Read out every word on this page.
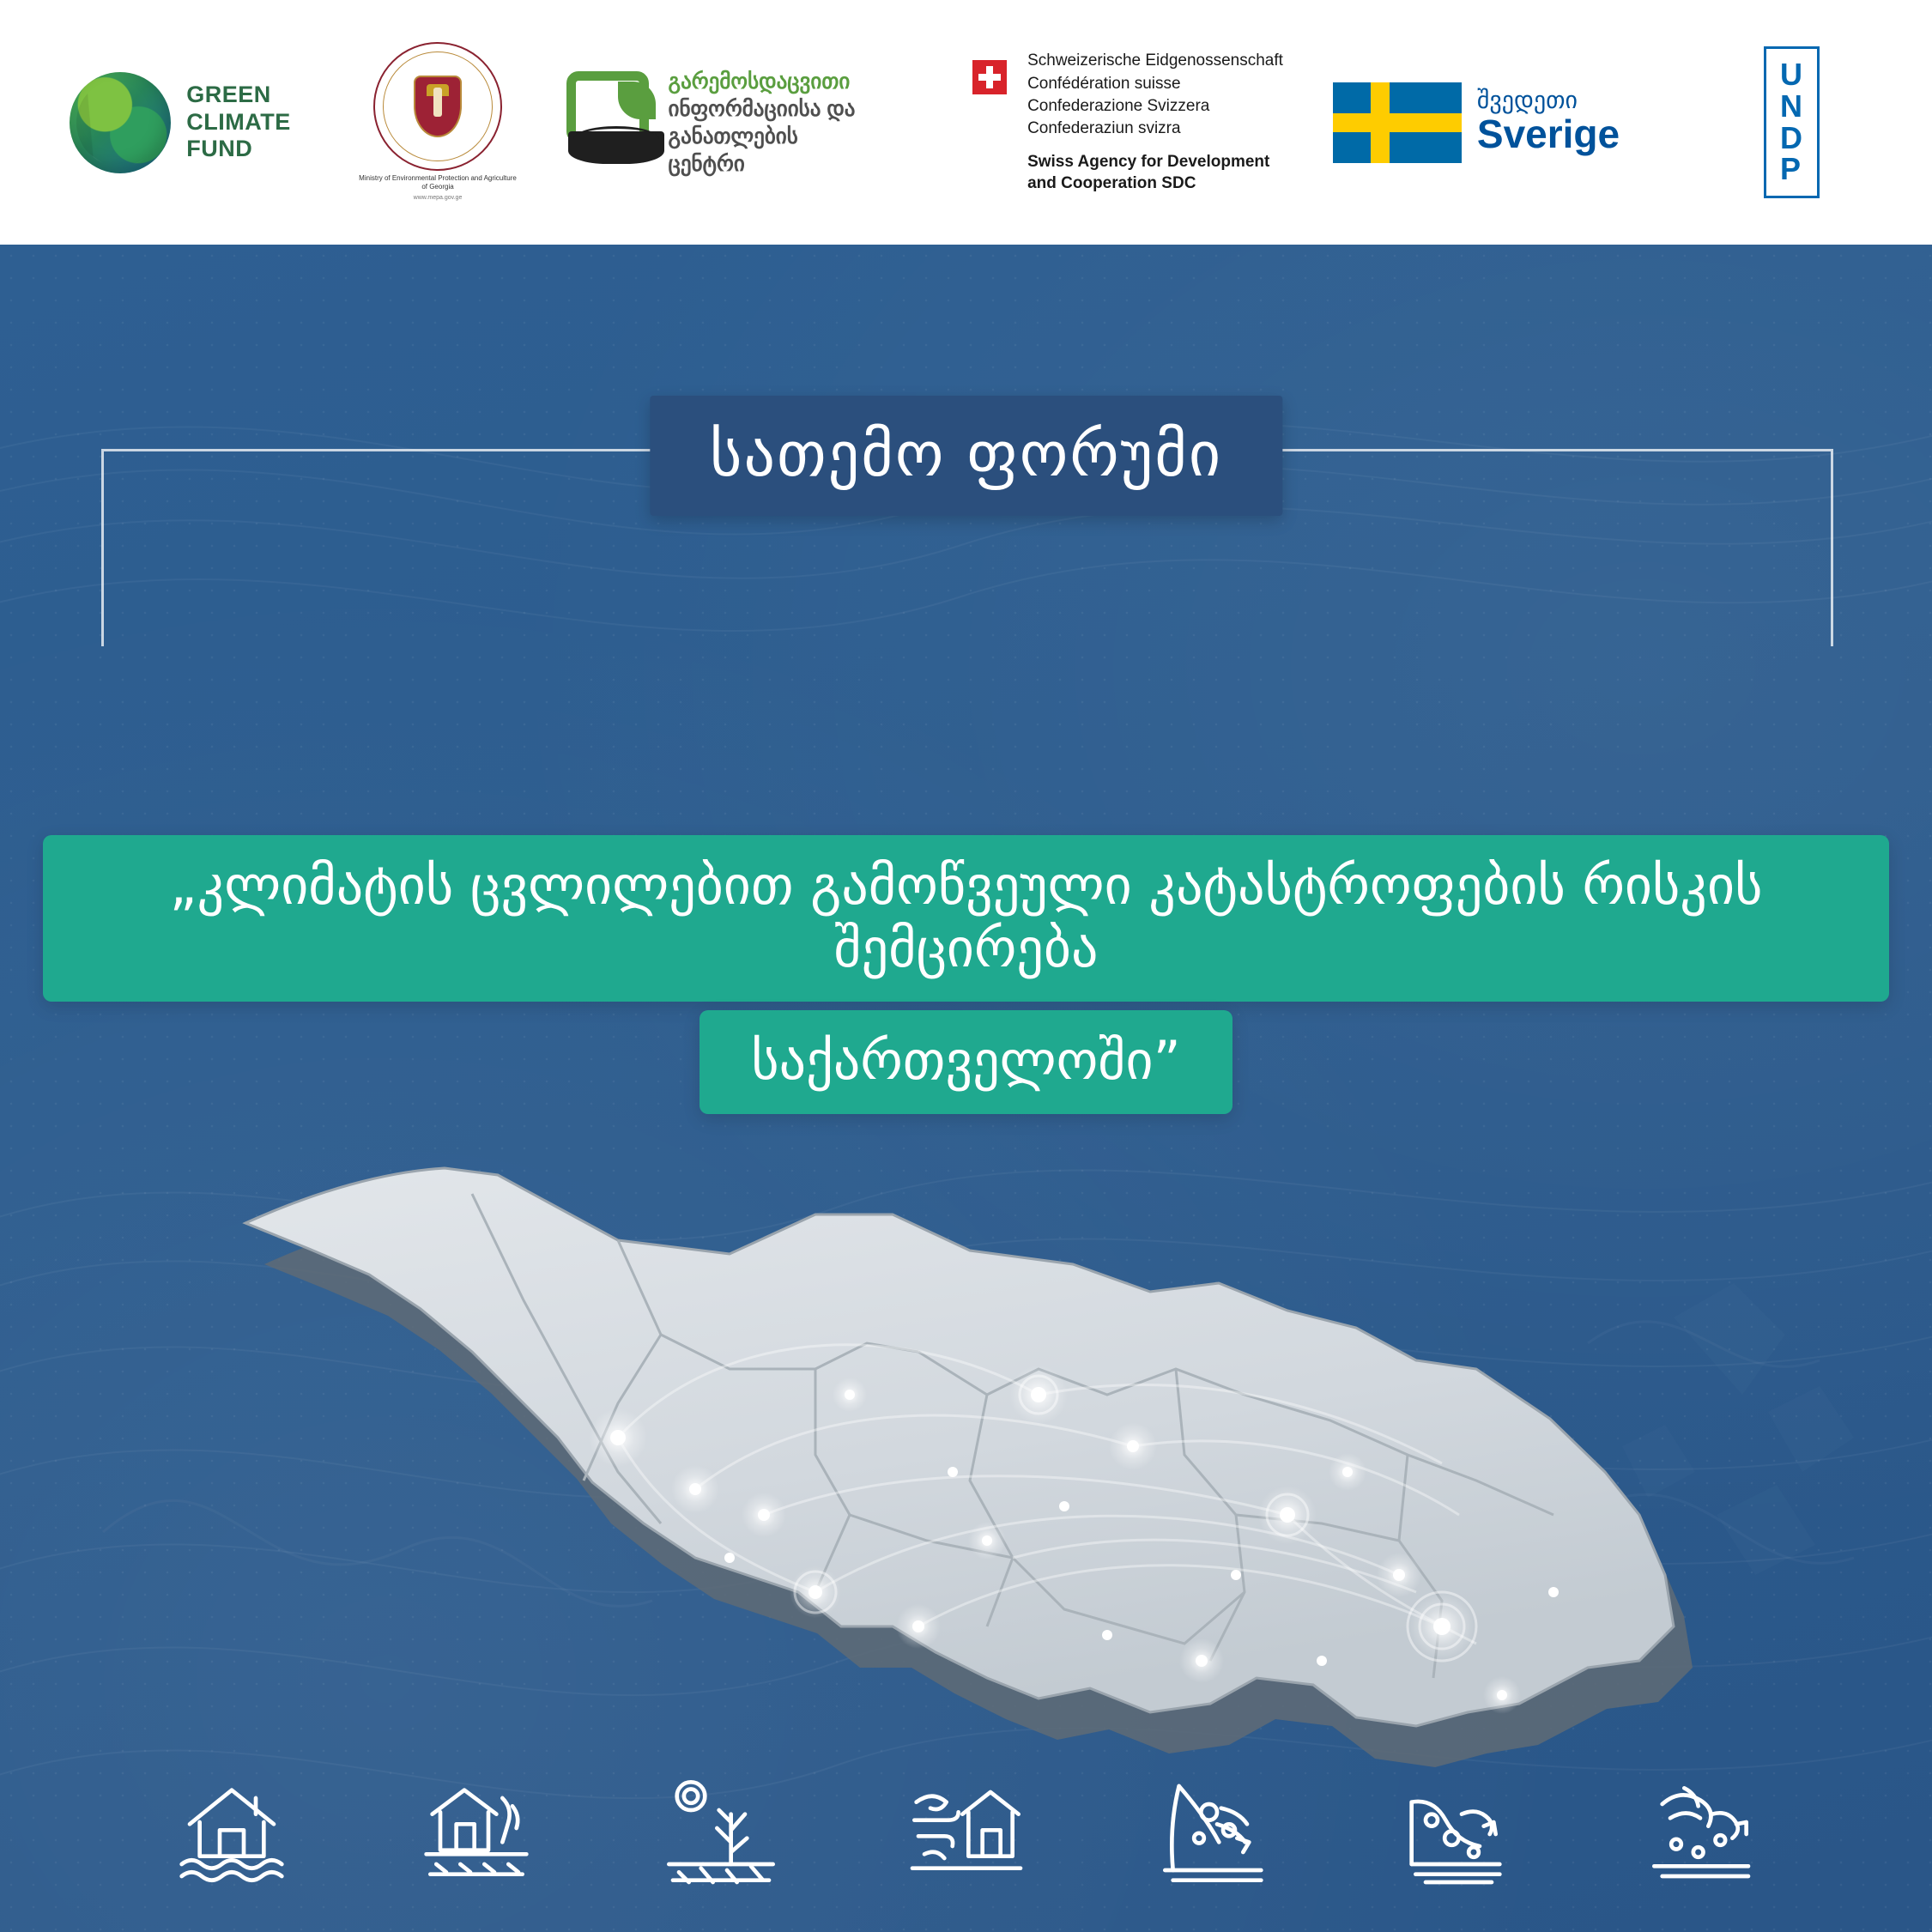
GREEN
CLIMATE
FUND
Ministry of Environmental Protection and Agriculture of Georgia
www.mepa.gov.ge
გარემოსდაცვითი
ინფორმაციისა და განათლების
ცენტრი
Schweizerische Eidgenossenschaft
Confédération suisse
Confederazione Svizzera
Confederaziun svizra
Swiss Agency for Development
and Cooperation SDC
შვედეთი
Sverige
U
N
D
P
სათემო ფორუმი
„კლიმატის ცვლილებით გამოწვეული კატასტროფების რისკის შემცირება
საქართველოში”
